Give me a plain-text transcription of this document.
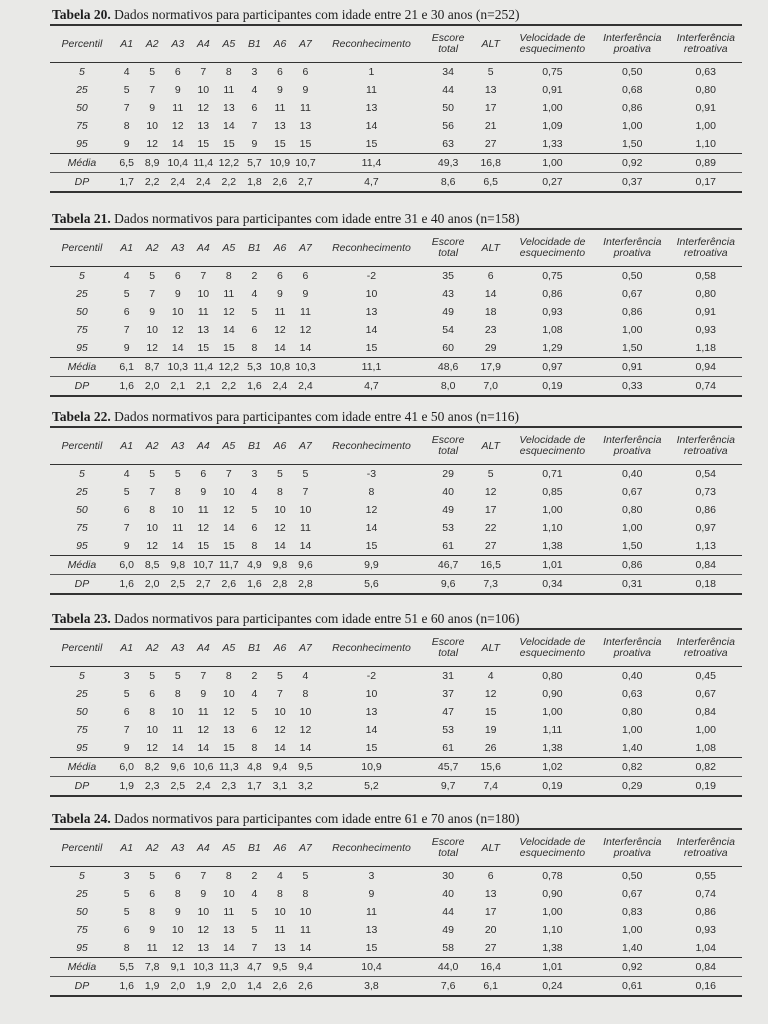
Tabela 20. Dados normativos para participantes com idade entre 21 e 30 anos (n=252)
Percentil	A1	A2	A3	A4	A5	B1	A6	A7	Reconhecimento	Escore total	ALT	Velocidade de esquecimento	Interferência proativa	Interferência retroativa
5	4	5	6	7	8	3	6	6	1	34	5	0,75	0,50	0,63
25	5	7	9	10	11	4	9	9	11	44	13	0,91	0,68	0,80
50	7	9	11	12	13	6	11	11	13	50	17	1,00	0,86	0,91
75	8	10	12	13	14	7	13	13	14	56	21	1,09	1,00	1,00
95	9	12	14	15	15	9	15	15	15	63	27	1,33	1,50	1,10
Média	6,5	8,9	10,4	11,4	12,2	5,7	10,9	10,7	11,4	49,3	16,8	1,00	0,92	0,89
DP	1,7	2,2	2,4	2,4	2,2	1,8	2,6	2,7	4,7	8,6	6,5	0,27	0,37	0,17
Tabela 21. Dados normativos para participantes com idade entre 31 e 40 anos (n=158)
Percentil	A1	A2	A3	A4	A5	B1	A6	A7	Reconhecimento	Escore total	ALT	Velocidade de esquecimento	Interferência proativa	Interferência retroativa
5	4	5	6	7	8	2	6	6	-2	35	6	0,75	0,50	0,58
25	5	7	9	10	11	4	9	9	10	43	14	0,86	0,67	0,80
50	6	9	10	11	12	5	11	11	13	49	18	0,93	0,86	0,91
75	7	10	12	13	14	6	12	12	14	54	23	1,08	1,00	0,93
95	9	12	14	15	15	8	14	14	15	60	29	1,29	1,50	1,18
Média	6,1	8,7	10,3	11,4	12,2	5,3	10,8	10,3	11,1	48,6	17,9	0,97	0,91	0,94
DP	1,6	2,0	2,1	2,1	2,2	1,6	2,4	2,4	4,7	8,0	7,0	0,19	0,33	0,74
Tabela 22. Dados normativos para participantes com idade entre 41 e 50 anos (n=116)
Percentil	A1	A2	A3	A4	A5	B1	A6	A7	Reconhecimento	Escore total	ALT	Velocidade de esquecimento	Interferência proativa	Interferência retroativa
5	4	5	5	6	7	3	5	5	-3	29	5	0,71	0,40	0,54
25	5	7	8	9	10	4	8	7	8	40	12	0,85	0,67	0,73
50	6	8	10	11	12	5	10	10	12	49	17	1,00	0,80	0,86
75	7	10	11	12	14	6	12	11	14	53	22	1,10	1,00	0,97
95	9	12	14	15	15	8	14	14	15	61	27	1,38	1,50	1,13
Média	6,0	8,5	9,8	10,7	11,7	4,9	9,8	9,6	9,9	46,7	16,5	1,01	0,86	0,84
DP	1,6	2,0	2,5	2,7	2,6	1,6	2,8	2,8	5,6	9,6	7,3	0,34	0,31	0,18
Tabela 23. Dados normativos para participantes com idade entre 51 e 60 anos (n=106)
Percentil	A1	A2	A3	A4	A5	B1	A6	A7	Reconhecimento	Escore total	ALT	Velocidade de esquecimento	Interferência proativa	Interferência retroativa
5	3	5	5	7	8	2	5	4	-2	31	4	0,80	0,40	0,45
25	5	6	8	9	10	4	7	8	10	37	12	0,90	0,63	0,67
50	6	8	10	11	12	5	10	10	13	47	15	1,00	0,80	0,84
75	7	10	11	12	13	6	12	12	14	53	19	1,11	1,00	1,00
95	9	12	14	14	15	8	14	14	15	61	26	1,38	1,40	1,08
Média	6,0	8,2	9,6	10,6	11,3	4,8	9,4	9,5	10,9	45,7	15,6	1,02	0,82	0,82
DP	1,9	2,3	2,5	2,4	2,3	1,7	3,1	3,2	5,2	9,7	7,4	0,19	0,29	0,19
Tabela 24. Dados normativos para participantes com idade entre 61 e 70 anos (n=180)
Percentil	A1	A2	A3	A4	A5	B1	A6	A7	Reconhecimento	Escore total	ALT	Velocidade de esquecimento	Interferência proativa	Interferência retroativa
5	3	5	6	7	8	2	4	5	3	30	6	0,78	0,50	0,55
25	5	6	8	9	10	4	8	8	9	40	13	0,90	0,67	0,74
50	5	8	9	10	11	5	10	10	11	44	17	1,00	0,83	0,86
75	6	9	10	12	13	5	11	11	13	49	20	1,10	1,00	0,93
95	8	11	12	13	14	7	13	14	15	58	27	1,38	1,40	1,04
Média	5,5	7,8	9,1	10,3	11,3	4,7	9,5	9,4	10,4	44,0	16,4	1,01	0,92	0,84
DP	1,6	1,9	2,0	1,9	2,0	1,4	2,6	2,6	3,8	7,6	6,1	0,24	0,61	0,16
